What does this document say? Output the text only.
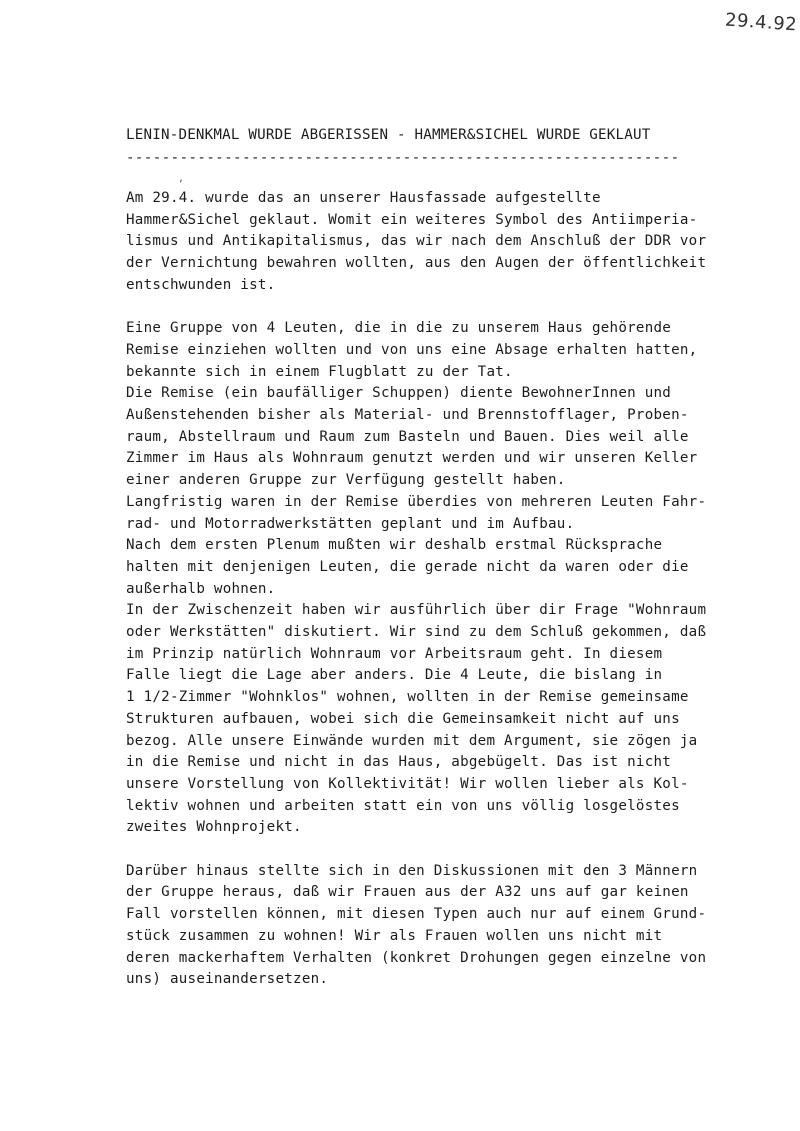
29.4.92
LENIN-DENKMAL WURDE ABGERISSEN - HAMMER&SICHEL WURDE GEKLAUT
--------------------------------------------------------------
,
Am 29.4. wurde das an unserer Hausfassade aufgestellte
Hammer&Sichel geklaut. Womit ein weiteres Symbol des Antiimperia-
lismus und Antikapitalismus, das wir nach dem Anschluß der DDR vor
der Vernichtung bewahren wollten, aus den Augen der öffentlichkeit
entschwunden ist.
Eine Gruppe von 4 Leuten, die in die zu unserem Haus gehörende
Remise einziehen wollten und von uns eine Absage erhalten hatten,
bekannte sich in einem Flugblatt zu der Tat.
Die Remise (ein baufälliger Schuppen) diente BewohnerInnen und
Außenstehenden bisher als Material- und Brennstofflager, Proben-
raum, Abstellraum und Raum zum Basteln und Bauen. Dies weil alle
Zimmer im Haus als Wohnraum genutzt werden und wir unseren Keller
einer anderen Gruppe zur Verfügung gestellt haben.
Langfristig waren in der Remise überdies von mehreren Leuten Fahr-
rad- und Motorradwerkstätten geplant und im Aufbau.
Nach dem ersten Plenum mußten wir deshalb erstmal Rücksprache
halten mit denjenigen Leuten, die gerade nicht da waren oder die
außerhalb wohnen.
In der Zwischenzeit haben wir ausführlich über dir Frage "Wohnraum
oder Werkstätten" diskutiert. Wir sind zu dem Schluß gekommen, daß
im Prinzip natürlich Wohnraum vor Arbeitsraum geht. In diesem
Falle liegt die Lage aber anders. Die 4 Leute, die bislang in
1 1/2-Zimmer "Wohnklos" wohnen, wollten in der Remise gemeinsame
Strukturen aufbauen, wobei sich die Gemeinsamkeit nicht auf uns
bezog. Alle unsere Einwände wurden mit dem Argument, sie zögen ja
in die Remise und nicht in das Haus, abgebügelt. Das ist nicht
unsere Vorstellung von Kollektivität! Wir wollen lieber als Kol-
lektiv wohnen und arbeiten statt ein von uns völlig losgelöstes
zweites Wohnprojekt.
Darüber hinaus stellte sich in den Diskussionen mit den 3 Männern
der Gruppe heraus, daß wir Frauen aus der A32 uns auf gar keinen
Fall vorstellen können, mit diesen Typen auch nur auf einem Grund-
stück zusammen zu wohnen! Wir als Frauen wollen uns nicht mit
deren mackerhaftem Verhalten (konkret Drohungen gegen einzelne von
uns) auseinandersetzen.
